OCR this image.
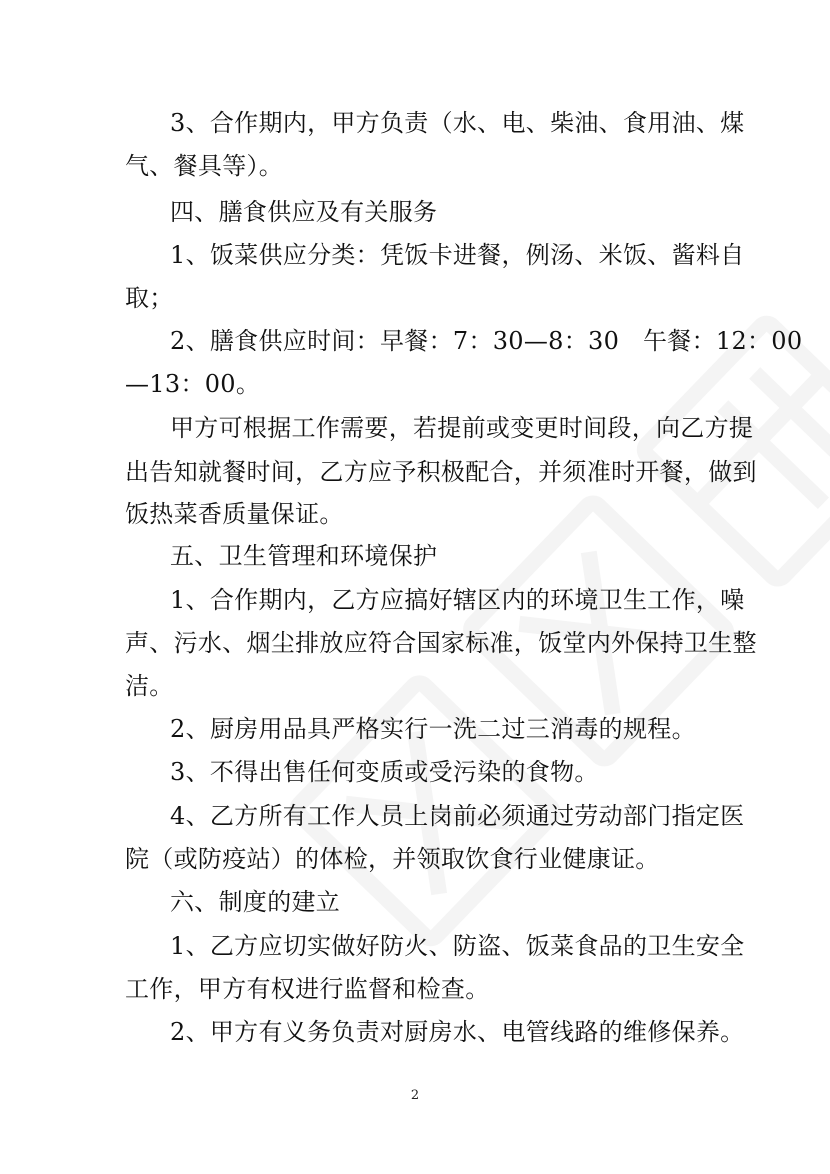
3、合作期内，甲方负责（水、电、柴油、食用油、煤
气、餐具等）。
四、膳食供应及有关服务
1、饭菜供应分类：凭饭卡进餐，例汤、米饭、酱料自
取；
2、膳食供应时间：早餐：7：30—8：30   午餐：12：00
—13：00。
甲方可根据工作需要，若提前或变更时间段，向乙方提
出告知就餐时间，乙方应予积极配合，并须准时开餐，做到
饭热菜香质量保证。
五、卫生管理和环境保护
1、合作期内，乙方应搞好辖区内的环境卫生工作，噪
声、污水、烟尘排放应符合国家标准，饭堂内外保持卫生整
洁。
2、厨房用品具严格实行一洗二过三消毒的规程。
3、不得出售任何变质或受污染的食物。
4、乙方所有工作人员上岗前必须通过劳动部门指定医
院（或防疫站）的体检，并领取饮食行业健康证。
六、制度的建立
1、乙方应切实做好防火、防盗、饭菜食品的卫生安全
工作，甲方有权进行监督和检查。
2、甲方有义务负责对厨房水、电管线路的维修保养。
2
